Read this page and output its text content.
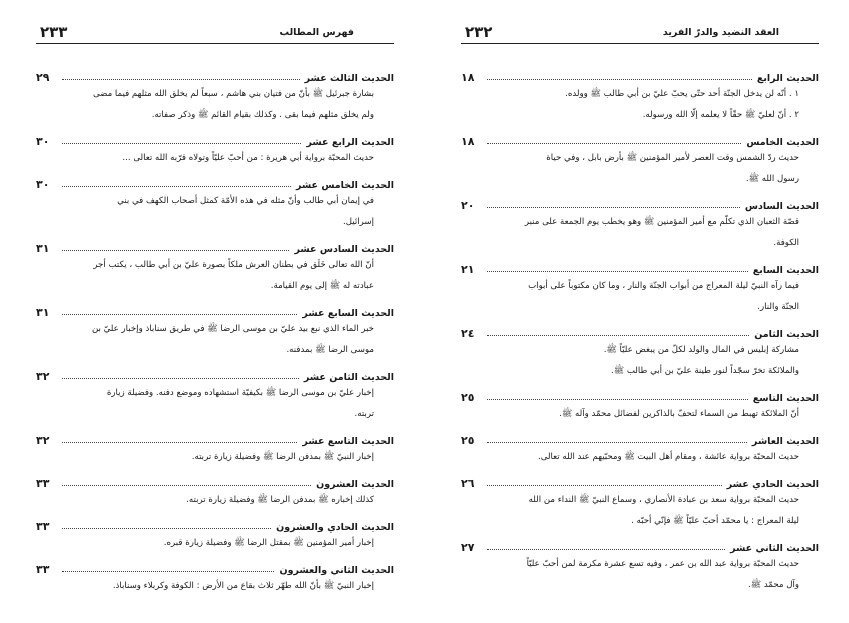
فهرس المطالب
٢٣٣
الحديث الثالث عشر
٢٩
بشارة جبرئيل ﷺ بأنّ من فتيان بني هاشم ، سبعاً لم يخلق الله مثلهم فيما مضى
ولم يخلق مثلهم فيما بقى . وكذلك بقيام القائم ﷺ وذكر صفاته.
الحديث الرابع عشر
٣٠
حديث المحبّة برواية أبي هريرة : من أحبّ عليّاً وتولاه قرّبه الله تعالى ...
الحديث الخامس عشر
٣٠
في إيمان أبي طالب وأنّ مثله في هذه الأمّة كمثل أصحاب الكهف في بني
إسرائيل.
الحديث السادس عشر
٣١
أنّ الله تعالى خَلَق في بطنان العرش ملكاً بصورة عليّ بن أبي طالب ، يكتب أجر
عبادته له ﷺ إلى يوم القيامة.
الحديث السابع عشر
٣١
خبر الماء الذي نبع بيد عليّ بن موسى الرضا ﷺ في طريق سناباذ وإخبار عليّ بن
موسى الرضا ﷺ بمدفنه.
الحديث الثامن عشر
٣٢
إخبار عليّ بن موسى الرضا ﷺ بكيفيّة استشهاده وموضع دفنه. وفضيلة زيارة
تربته.
الحديث التاسع عشر
٣٢
إخبار النبيّ ﷺ بمدفن الرضا ﷺ وفضيلة زيارة تربته.
الحديث العشرون
٣٣
كذلك إخباره ﷺ بمدفن الرضا ﷺ وفضيلة زيارة تربته.
الحديث الحادي والعشرون
٣٣
إخبار أمير المؤمنين ﷺ بمقتل الرضا ﷺ وفضيلة زيارة قبره.
الحديث الثاني والعشرون
٣٣
إخبار النبيّ ﷺ بأنّ الله طهّر ثلاث بقاع من الأرض : الكوفة وكربلاء وسناباذ.
العقد النضيد والدرّ الفريد
٢٣٢
الحديث الرابع
١٨
١ . أنّه لن يدخل الجنّة أحد حتّى يحبّ عليّ بن أبي طالب ﷺ وولده.
٢ . أنّ لعليّ ﷺ حقّاً لا يعلمه إلّا الله ورسوله.
الحديث الخامس
١٨
حديث ردّ الشمس وقت العصر لأمير المؤمنين ﷺ بأرض بابل ، وفي حياة
رسول الله ﷺ.
الحديث السادس
٢٠
قصّة الثعبان الذي تكلّم مع أمير المؤمنين ﷺ وهو يخطب يوم الجمعة على منبر
الكوفة.
الحديث السابع
٢١
فيما رآه النبيّ ليلة المعراج من أبواب الجنّة والنار ، وما كان مكتوباً على أبواب
الجنّة والنار.
الحديث الثامن
٢٤
مشاركة إبليس في المال والولد لكلّ من يبغض عليّاً ﷺ.
والملائكة تخرّ سجّداً لنور طينة عليّ بن أبي طالب ﷺ.
الحديث التاسع
٢٥
أنّ الملائكة تهبط من السماء لتحفّ بالذاكرين لفضائل محمّد وآله ﷺ.
الحديث العاشر
٢٥
حديث المحبّة برواية عائشة ، ومقام أهل البيت ﷺ ومحبّيهم عند الله تعالى.
الحديث الحادي عشر
٢٦
حديث المحبّة برواية سعد بن عبادة الأنصاري ، وسماع النبيّ ﷺ النداء من الله
ليلة المعراج : يا محمّد أحبّ عليّاً ﷺ فإنّي أحبّه .
الحديث الثاني عشر
٢٧
حديث المحبّة برواية عبد الله بن عمر ، وفيه تسع عشرة مكرمة لمن أحبّ عليّاً
وآل محمّد ﷺ.
